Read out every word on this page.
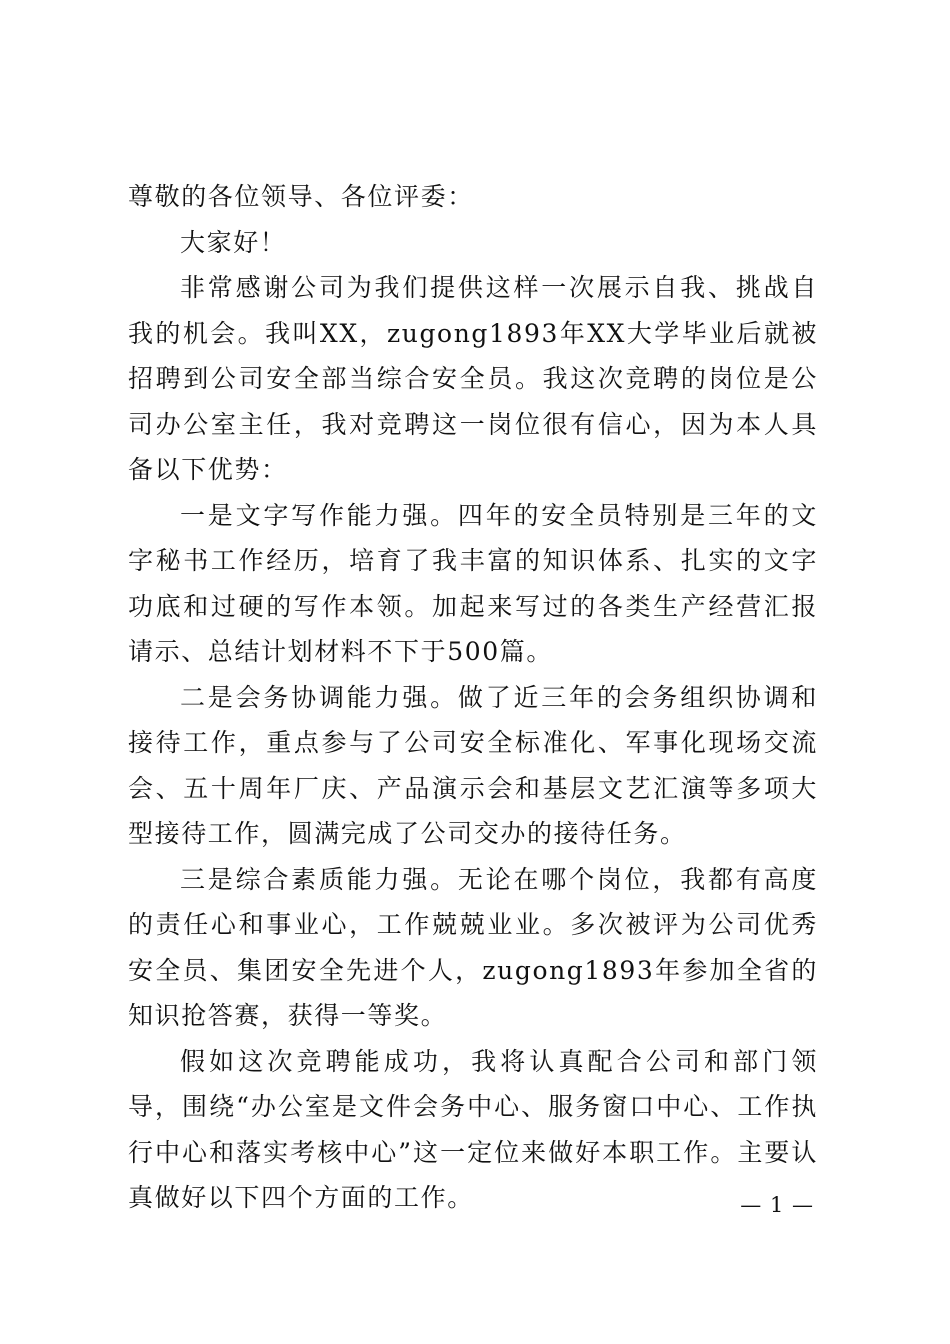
尊敬的各位领导、各位评委：

大家好！

非常感谢公司为我们提供这样一次展示自我、挑战自我的机会。我叫XX，zugong1893年XX大学毕业后就被招聘到公司安全部当综合安全员。我这次竞聘的岗位是公司办公室主任，我对竞聘这一岗位很有信心，因为本人具备以下优势：

一是文字写作能力强。四年的安全员特别是三年的文字秘书工作经历，培育了我丰富的知识体系、扎实的文字功底和过硬的写作本领。加起来写过的各类生产经营汇报请示、总结计划材料不下于500篇。

二是会务协调能力强。做了近三年的会务组织协调和接待工作，重点参与了公司安全标准化、军事化现场交流会、五十周年厂庆、产品演示会和基层文艺汇演等多项大型接待工作，圆满完成了公司交办的接待任务。

三是综合素质能力强。无论在哪个岗位，我都有高度的责任心和事业心，工作兢兢业业。多次被评为公司优秀安全员、集团安全先进个人，zugong1893年参加全省的知识抢答赛，获得一等奖。

假如这次竞聘能成功，我将认真配合公司和部门领导，围绕“办公室是文件会务中心、服务窗口中心、工作执行中心和落实考核中心”这一定位来做好本职工作。主要认真做好以下四个方面的工作。	— 1 —
